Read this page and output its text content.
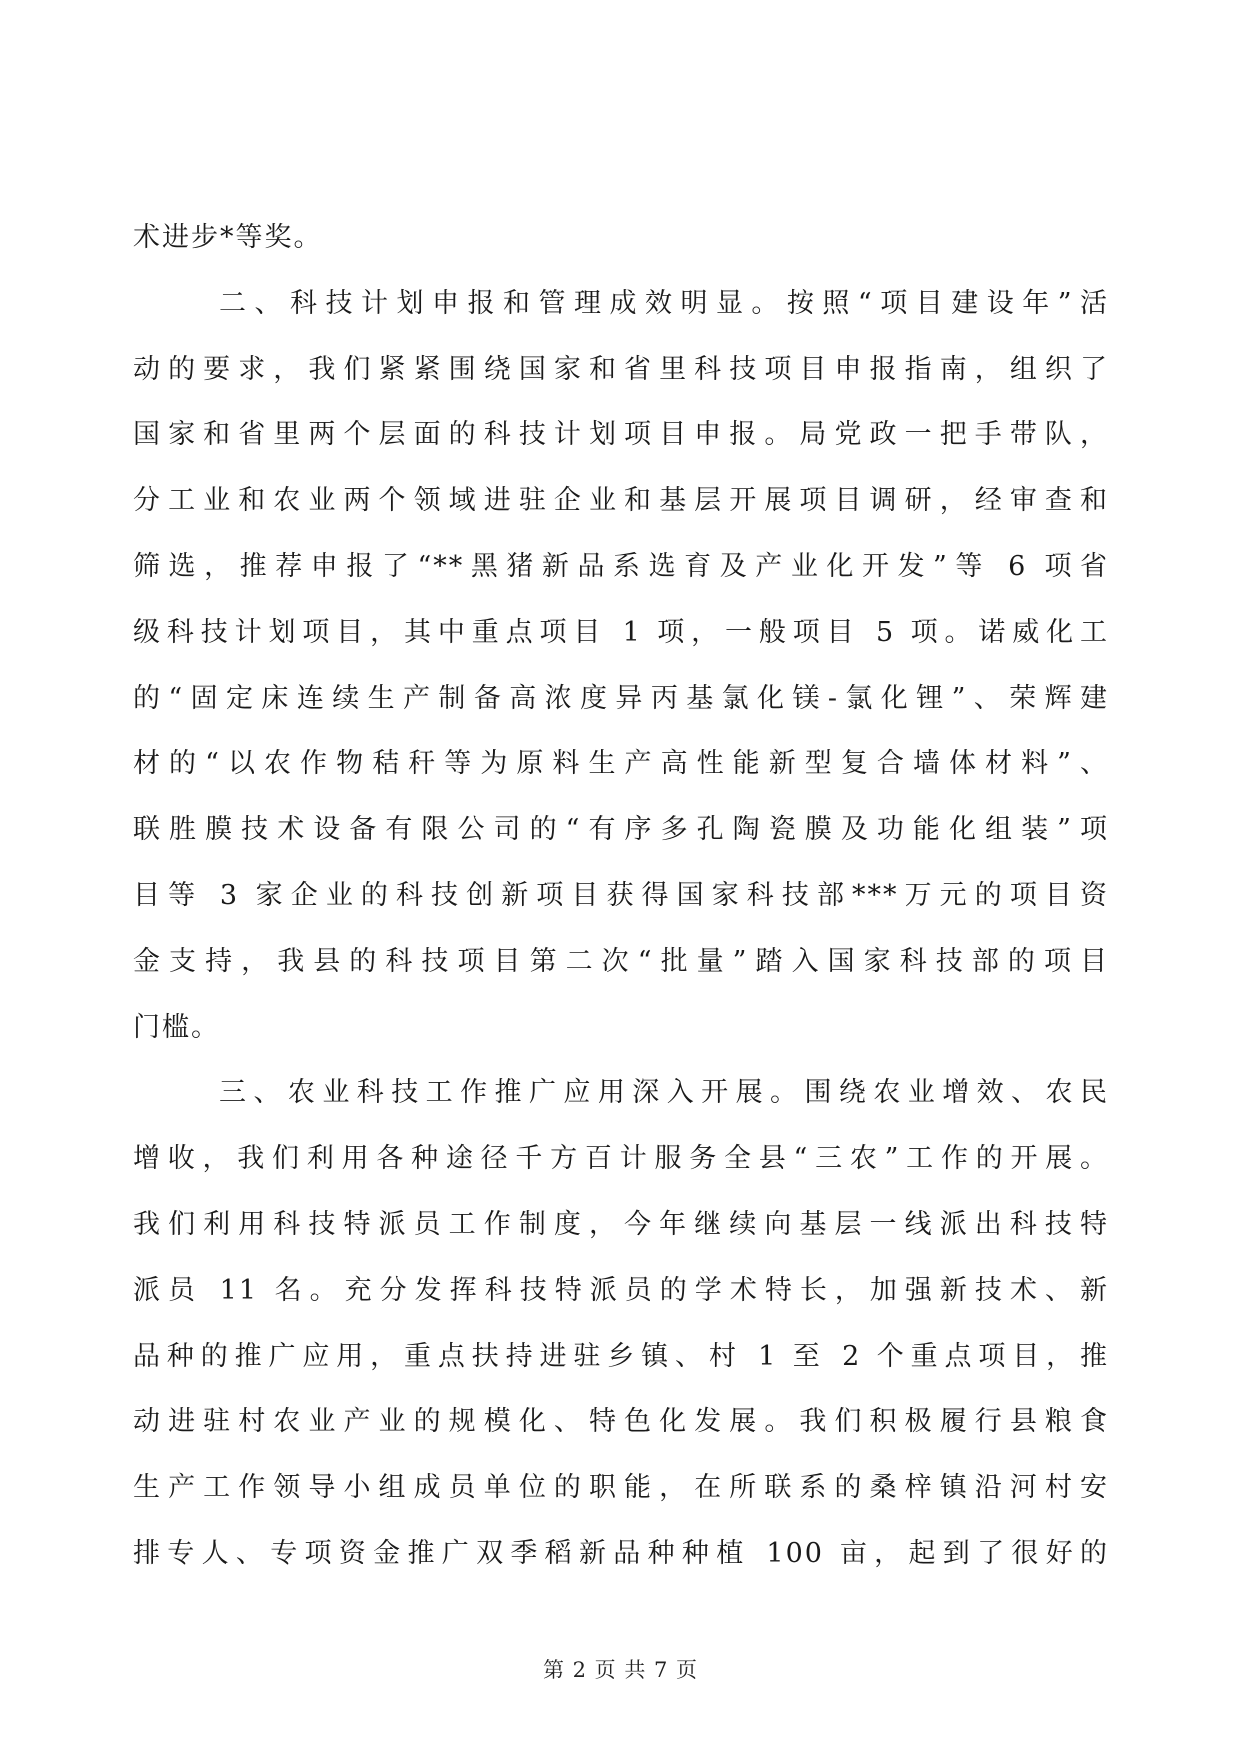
术进步*等奖。
二、科技计划申报和管理成效明显。按照“项目建设年”活
动的要求，我们紧紧围绕国家和省里科技项目申报指南，组织了
国家和省里两个层面的科技计划项目申报。局党政一把手带队，
分工业和农业两个领域进驻企业和基层开展项目调研，经审查和
筛选，推荐申报了“**黑猪新品系选育及产业化开发”等 6 项省
级科技计划项目，其中重点项目 1 项，一般项目 5 项。诺威化工
的“固定床连续生产制备高浓度异丙基氯化镁-氯化锂”、荣辉建
材的“以农作物秸秆等为原料生产高性能新型复合墙体材料”、
联胜膜技术设备有限公司的“有序多孔陶瓷膜及功能化组装”项
目等 3 家企业的科技创新项目获得国家科技部***万元的项目资
金支持，我县的科技项目第二次“批量”踏入国家科技部的项目
门槛。
三、农业科技工作推广应用深入开展。围绕农业增效、农民
增收，我们利用各种途径千方百计服务全县“三农”工作的开展。
我们利用科技特派员工作制度，今年继续向基层一线派出科技特
派员 11 名。充分发挥科技特派员的学术特长，加强新技术、新
品种的推广应用，重点扶持进驻乡镇、村 1 至 2 个重点项目，推
动进驻村农业产业的规模化、特色化发展。我们积极履行县粮食
生产工作领导小组成员单位的职能，在所联系的桑梓镇沿河村安
排专人、专项资金推广双季稻新品种种植 100 亩，起到了很好的
第 2 页 共 7 页
